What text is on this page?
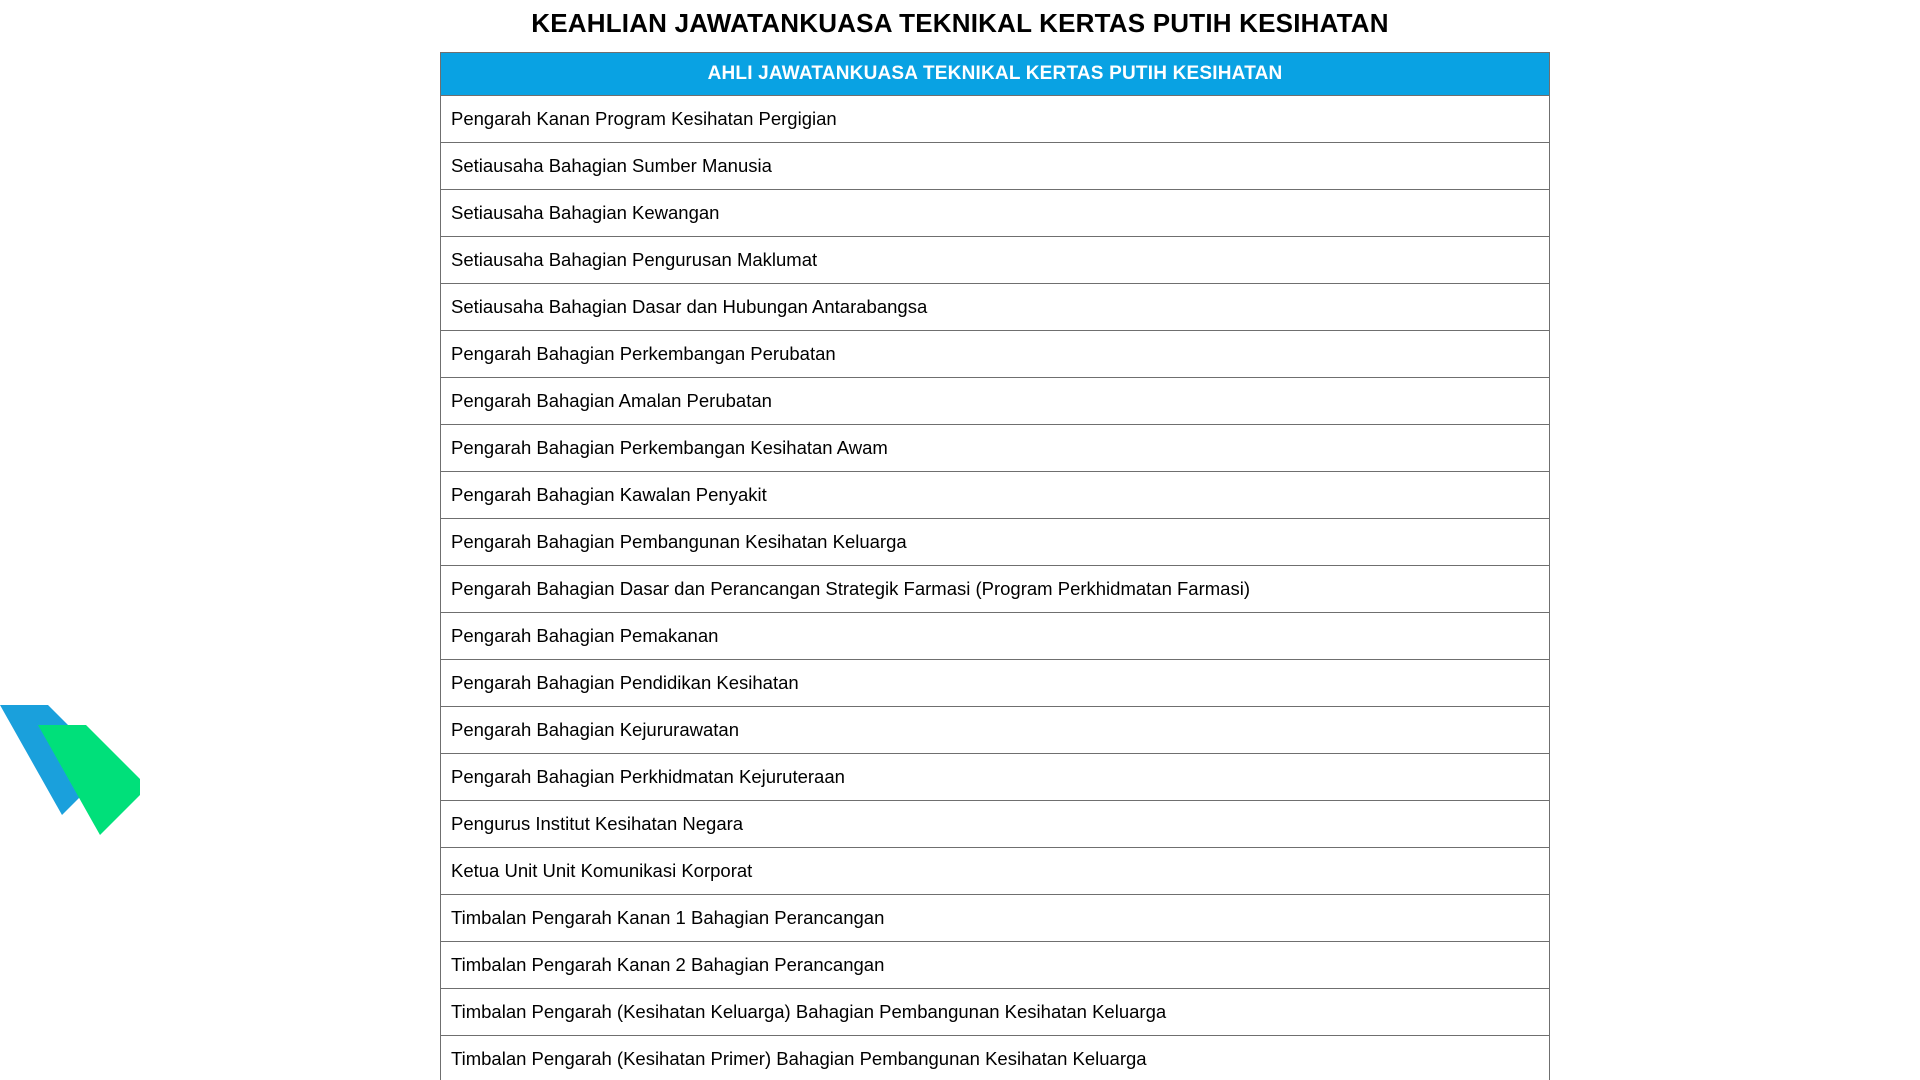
KEAHLIAN JAWATANKUASA TEKNIKAL KERTAS PUTIH KESIHATAN
AHLI JAWATANKUASA TEKNIKAL KERTAS PUTIH KESIHATAN
Pengarah Kanan Program Kesihatan Pergigian
Setiausaha Bahagian Sumber Manusia
Setiausaha Bahagian Kewangan
Setiausaha Bahagian Pengurusan Maklumat
Setiausaha Bahagian Dasar dan Hubungan Antarabangsa
Pengarah Bahagian Perkembangan Perubatan
Pengarah Bahagian Amalan Perubatan
Pengarah Bahagian Perkembangan Kesihatan Awam
Pengarah Bahagian Kawalan Penyakit
Pengarah Bahagian Pembangunan Kesihatan Keluarga
Pengarah Bahagian Dasar dan Perancangan Strategik Farmasi (Program Perkhidmatan Farmasi)
Pengarah Bahagian Pemakanan
Pengarah Bahagian Pendidikan Kesihatan
Pengarah Bahagian Kejururawatan
Pengarah Bahagian Perkhidmatan Kejuruteraan
Pengurus Institut Kesihatan Negara
Ketua Unit Unit Komunikasi Korporat
Timbalan Pengarah Kanan 1 Bahagian Perancangan
Timbalan Pengarah Kanan 2 Bahagian Perancangan
Timbalan Pengarah (Kesihatan Keluarga) Bahagian Pembangunan Kesihatan Keluarga
Timbalan Pengarah (Kesihatan Primer) Bahagian Pembangunan Kesihatan Keluarga
